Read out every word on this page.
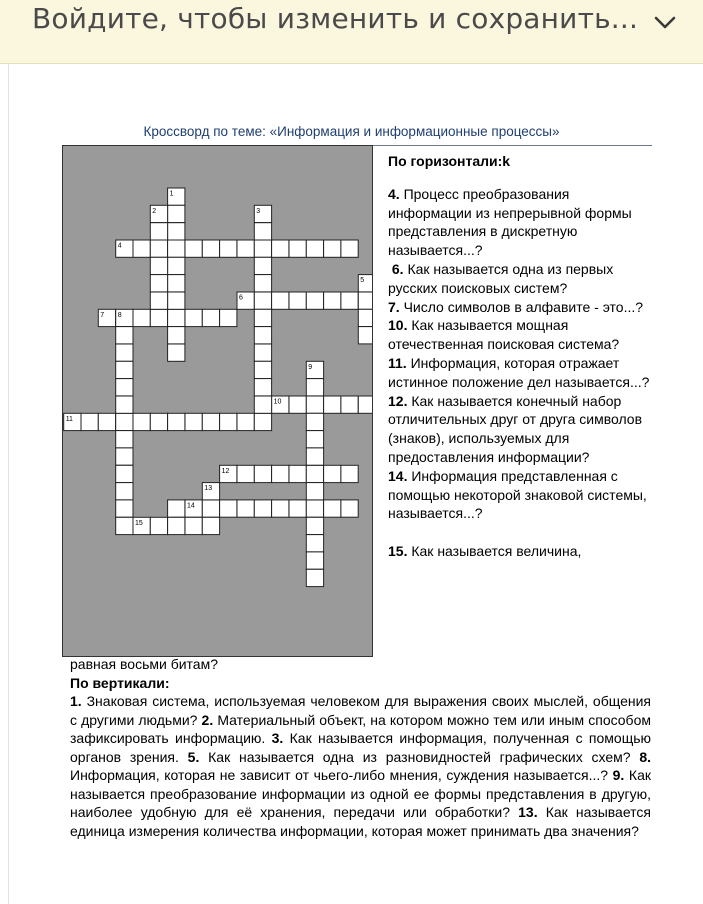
Войдите, чтобы изменить и сохранить...
Кроссворд по теме: «Информация и информационные процессы»
1
2	3
4
5
6
7 8
9
10
11
12
13
14
15

По горизонтали:k

4. Процесс преобразования информации из непрерывной формы представления в дискретную называется...?

6. Как называется одна из первых русских поисковых систем?

7. Число символов в алфавите - это...?

10. Как называется мощная отечественная поисковая система?

11. Информация, которая отражает истинное положение дел называется...?

12. Как называется конечный набор отличительных друг от друга символов (знаков), используемых для предоставления информации?

14. Информация представленная с помощью некоторой знаковой системы, называется...?

15. Как называется величина,

равная восьми битам?

По вертикали:

1. Знаковая система, используемая человеком для выражения своих мыслей, общения с другими людьми? 2. Материальный объект, на котором можно тем или иным способом зафиксировать информацию. 3. Как называется информация, полученная с помощью органов зрения. 5. Как называется одна из разновидностей графических схем? 8. Информация, которая не зависит от чьего-либо мнения, суждения называется...? 9. Как называется преобразование информации из одной ее формы представления в другую, наиболее удобную для её хранения, передачи или обработки? 13. Как называется единица измерения количества информации, которая может принимать два значения?
